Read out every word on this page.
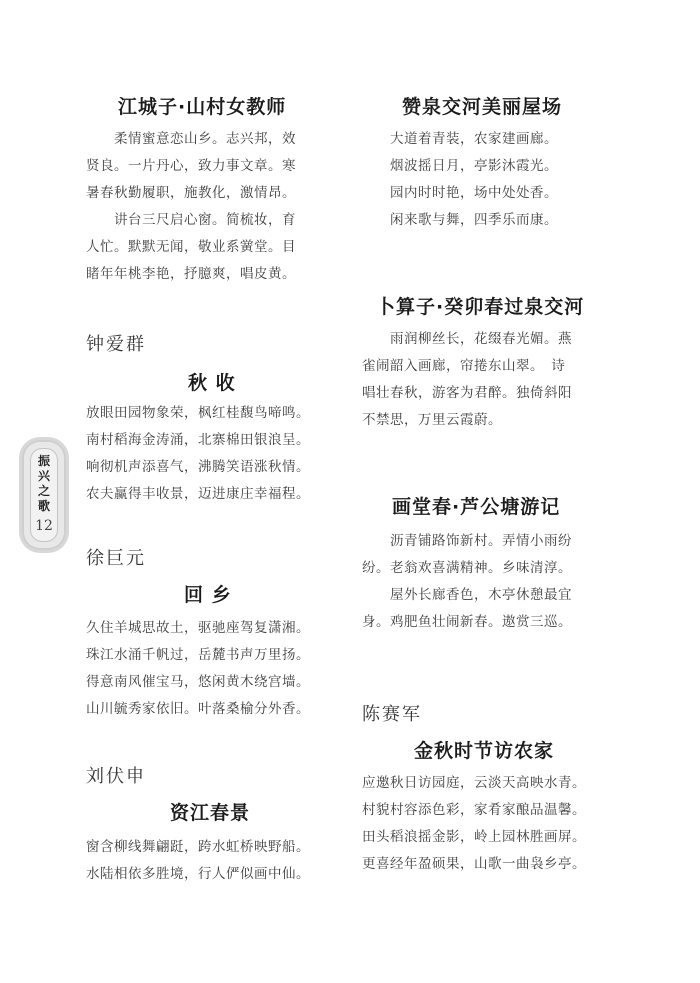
振
兴
之
歌
12
江城子·山村女教师
柔情蜜意恋山乡。志兴邦，效
贤良。一片丹心，致力事文章。寒
暑春秋勤履职，施教化，激情昂。
讲台三尺启心窗。简梳妆，育
人忙。默默无闻，敬业系黉堂。目
睹年年桃李艳，抒臆爽，唱皮黄。
钟爱群
秋 收
放眼田园物象荣，枫红桂馥鸟啼鸣。
南村稻海金涛涌，北寨棉田银浪呈。
响彻机声添喜气，沸腾笑语涨秋情。
农夫赢得丰收景，迈进康庄幸福程。
徐巨元
回 乡
久住羊城思故土，驱驰座驾复潇湘。
珠江水涌千帆过，岳麓书声万里扬。
得意南风催宝马，悠闲黄木绕宫墙。
山川毓秀家依旧。叶落桑榆分外香。
刘伏申
资江春景
窗含柳线舞翩跹，跨水虹桥映野船。
水陆相依多胜境，行人俨似画中仙。
赞泉交河美丽屋场
大道着青装，农家建画廊。
烟波摇日月，亭影沐霞光。
园内时时艳，场中处处香。
闲来歌与舞，四季乐而康。
卜算子·癸卯春过泉交河
雨润柳丝长，花缀春光媚。燕
雀闹韶入画廊，帘捲东山翠。　诗
唱壮春秋，游客为君醉。独倚斜阳
不禁思，万里云霞蔚。
画堂春·芦公塘游记
沥青铺路饰新村。弄情小雨纷
纷。老翁欢喜满精神。乡味清淳。
屋外长廊香色，木亭休憩最宜
身。鸡肥鱼壮闹新春。遨赏三巡。
陈赛军
金秋时节访农家
应邀秋日访园庭，云淡天高映水青。
村貌村容添色彩，家肴家酿品温馨。
田头稻浪摇金影，岭上园林胜画屏。
更喜经年盈硕果，山歌一曲袅乡亭。
